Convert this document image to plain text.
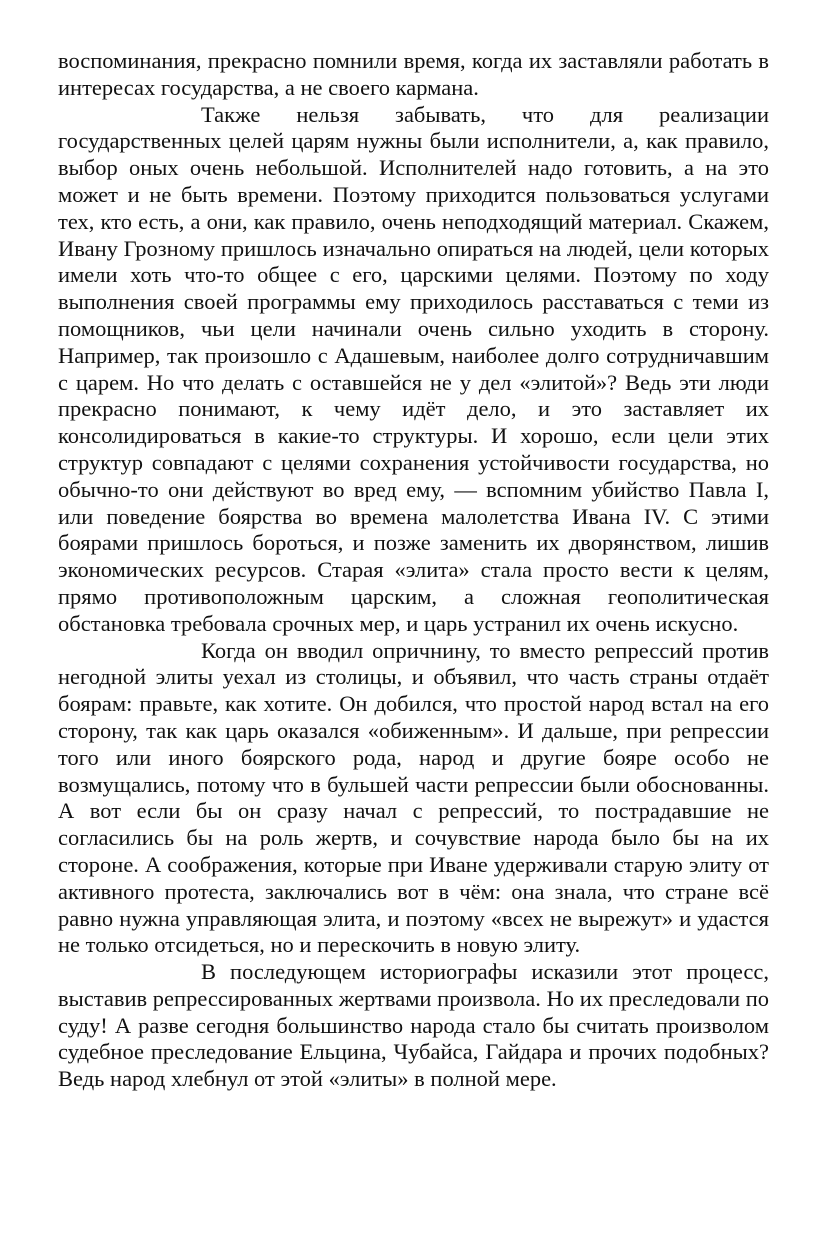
воспоминания, прекрасно помнили время, когда их заставляли работать в интересах государства, а не своего кармана.

Также нельзя забывать, что для реализации государственных целей царям нужны были исполнители, а, как правило, выбор оных очень небольшой. Исполнителей надо готовить, а на это может и не быть времени. Поэтому приходится пользоваться услугами тех, кто есть, а они, как правило, очень неподходящий материал. Скажем, Ивану Грозному пришлось изначально опираться на людей, цели которых имели хоть что-то общее с его, царскими целями. Поэтому по ходу выполнения своей программы ему приходилось расставаться с теми из помощников, чьи цели начинали очень сильно уходить в сторону. Например, так произошло с Адашевым, наиболее долго сотрудничавшим с царем. Но что делать с оставшейся не у дел «элитой»? Ведь эти люди прекрасно понимают, к чему идёт дело, и это заставляет их консолидироваться в какие-то структуры. И хорошо, если цели этих структур совпадают с целями сохранения устойчивости государства, но обычно-то они действуют во вред ему, — вспомним убийство Павла I, или поведение боярства во времена малолетства Ивана IV. С этими боярами пришлось бороться, и позже заменить их дворянством, лишив экономических ресурсов. Старая «элита» стала просто вести к целям, прямо противоположным царским, а сложная геополитическая обстановка требовала срочных мер, и царь устранил их очень искусно.

Когда он вводил опричнину, то вместо репрессий против негодной элиты уехал из столицы, и объявил, что часть страны отдаёт боярам: правьте, как хотите. Он добился, что простой народ встал на его сторону, так как царь оказался «обиженным». И дальше, при репрессии того или иного боярского рода, народ и другие бояре особо не возмущались, потому что в бульшей части репрессии были обоснованны. А вот если бы он сразу начал с репрессий, то пострадавшие не согласились бы на роль жертв, и сочувствие народа было бы на их стороне. А соображения, которые при Иване удерживали старую элиту от активного протеста, заключались вот в чём: она знала, что стране всё равно нужна управляющая элита, и поэтому «всех не вырежут» и удастся не только отсидеться, но и перескочить в новую элиту.

В последующем историографы исказили этот процесс, выставив репрессированных жертвами произвола. Но их преследовали по суду! А разве сегодня большинство народа стало бы считать произволом судебное преследование Ельцина, Чубайса, Гайдара и прочих подобных? Ведь народ хлебнул от этой «элиты» в полной мере.
